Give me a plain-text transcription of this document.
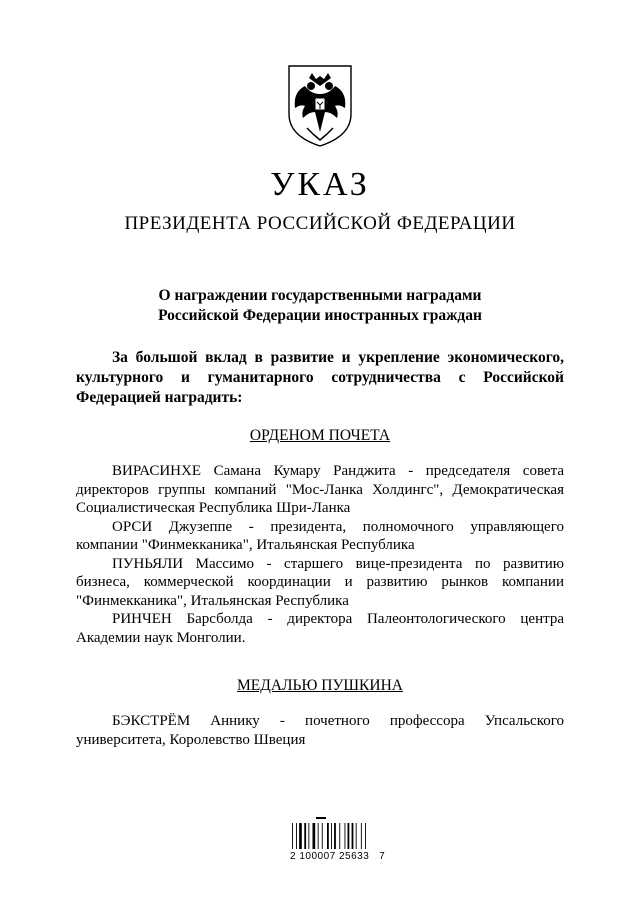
УКАЗ
ПРЕЗИДЕНТА РОССИЙСКОЙ ФЕДЕРАЦИИ
О награждении государственными наградами
Российской Федерации иностранных граждан
За большой вклад в развитие и укрепление экономического, культурного и гуманитарного сотрудничества с Российской Федерацией наградить:
ОРДЕНОМ ПОЧЕТА

ВИРАСИНХЕ Самана Кумару Ранджита - председателя совета директоров группы компаний "Мос-Ланка Холдингс", Демократическая Социалистическая Республика Шри-Ланка

ОРСИ Джузеппе - президента, полномочного управляющего компании "Финмекканика", Итальянская Республика

ПУНЬЯЛИ Массимо - старшего вице-президента по развитию бизнеса, коммерческой координации и развитию рынков компании "Финмекканика", Итальянская Республика

РИНЧЕН Барсболда - директора Палеонтологического центра Академии наук Монголии.

МЕДАЛЬЮ ПУШКИНА

БЭКСТРЁМ Аннику - почетного профессора Упсальского университета, Королевство Швеция

2 100007 25633   7
